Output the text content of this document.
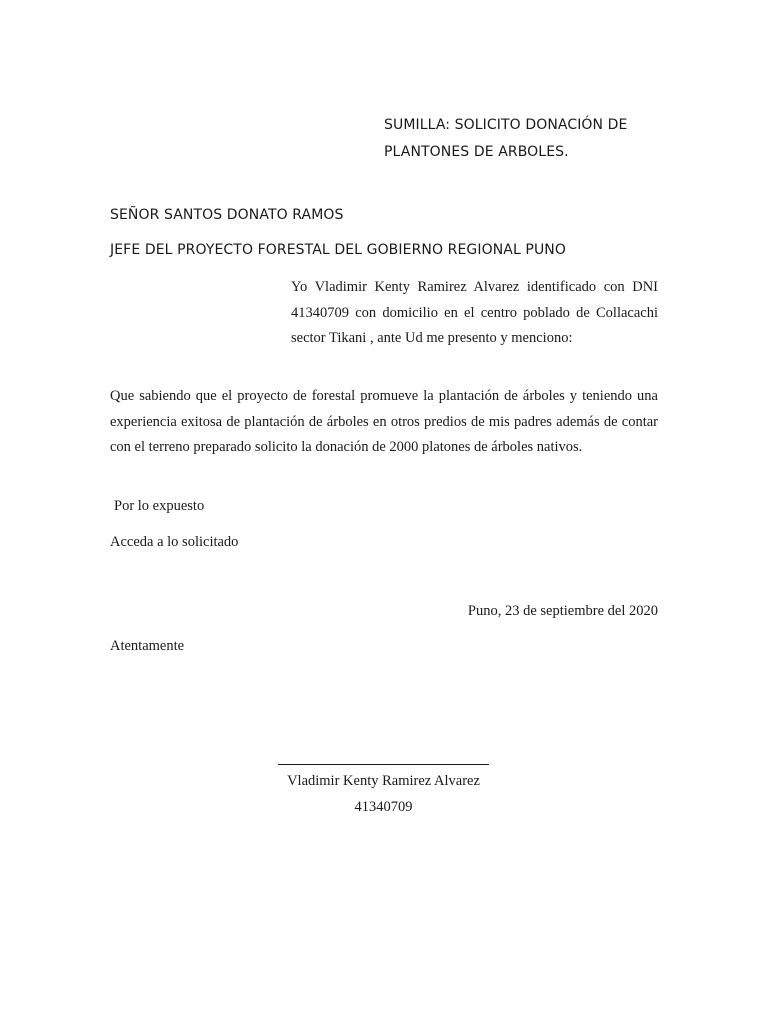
SUMILLA: SOLICITO DONACIÓN DE
PLANTONES DE ARBOLES.
SEÑOR SANTOS DONATO RAMOS
JEFE DEL PROYECTO FORESTAL DEL GOBIERNO REGIONAL PUNO
Yo Vladimir Kenty Ramirez Alvarez identificado con DNI 41340709 con domicilio en el centro poblado de Collacachi sector Tikani , ante Ud me presento y menciono:
Que sabiendo que el proyecto de forestal promueve la plantación de árboles y teniendo una experiencia exitosa de plantación de árboles en otros predios de mis padres además de contar con el terreno preparado solicito la donación de 2000 platones de árboles nativos.
Por lo expuesto
Acceda a lo solicitado
Puno, 23 de septiembre del 2020
Atentamente
Vladimir Kenty Ramirez Alvarez
41340709
